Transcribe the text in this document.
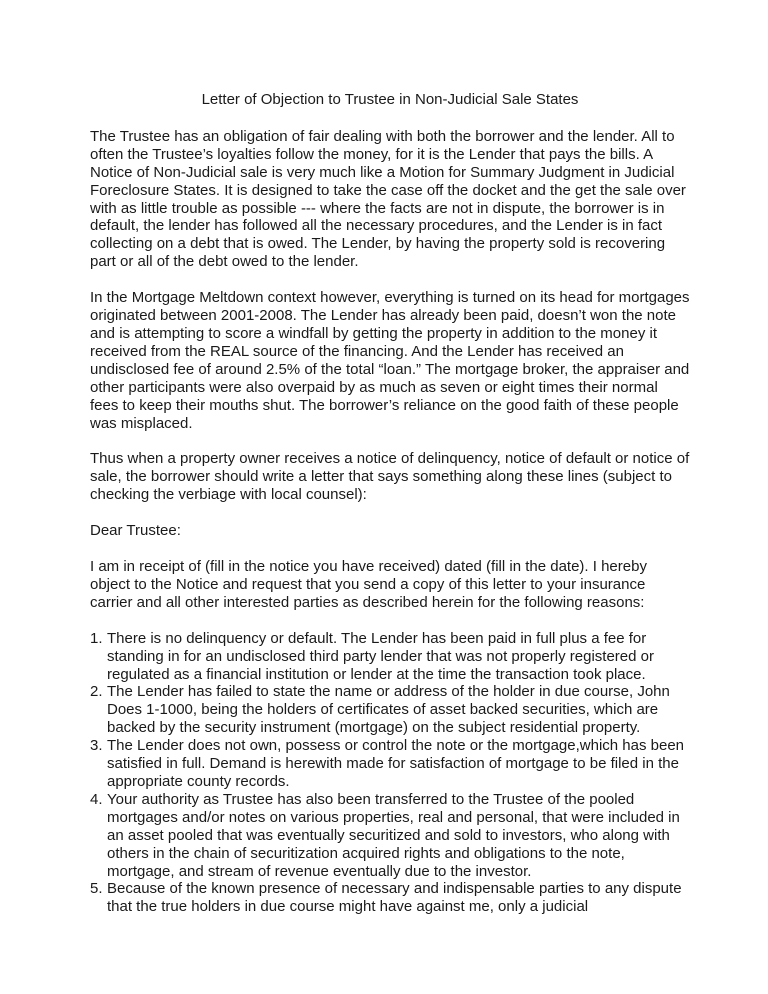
Letter of Objection to Trustee in Non-Judicial Sale States

The Trustee has an obligation of fair dealing with both the borrower and the lender. All to often the Trustee’s loyalties follow the money, for it is the Lender that pays the bills. A Notice of Non-Judicial sale is very much like a Motion for Summary Judgment in Judicial Foreclosure States. It is designed to take the case off the docket and the get the sale over with as little trouble as possible --- where the facts are not in dispute, the borrower is in default, the lender has followed all the necessary procedures, and the Lender is in fact collecting on a debt that is owed. The Lender, by having the property sold is recovering part or all of the debt owed to the lender.

In the Mortgage Meltdown context however, everything is turned on its head for mortgages originated between 2001-2008. The Lender has already been paid, doesn’t won the note and is attempting to score a windfall by getting the property in addition to the money it received from the REAL source of the financing. And the Lender has received an undisclosed fee of around 2.5% of the total “loan.” The mortgage broker, the appraiser and other participants were also overpaid by as much as seven or eight times their normal fees to keep their mouths shut. The borrower’s reliance on the good faith of these people was misplaced.

Thus when a property owner receives a notice of delinquency, notice of default or notice of sale, the borrower should write a letter that says something along these lines (subject to checking the verbiage with local counsel):

Dear Trustee:

I am in receipt of (fill in the notice you have received) dated (fill in the date). I hereby object to the Notice and request that you send a copy of this letter to your insurance carrier and all other interested parties as described herein for the following reasons:

1. There is no delinquency or default. The Lender has been paid in full plus a fee for standing in for an undisclosed third party lender that was not properly registered or regulated as a financial institution or lender at the time the transaction took place.
2. The Lender has failed to state the name or address of the holder in due course, John Does 1-1000, being the holders of certificates of asset backed securities, which are backed by the security instrument (mortgage) on the subject residential property.
3. The Lender does not own, possess or control the note or the mortgage,which has been satisfied in full. Demand is herewith made for satisfaction of mortgage to be filed in the appropriate county records.
4. Your authority as Trustee has also been transferred to the Trustee of the pooled mortgages and/or notes on various properties, real and personal, that were included in an asset pooled that was eventually securitized and sold to investors, who along with others in the chain of securitization acquired rights and obligations to the note, mortgage, and stream of revenue eventually due to the investor.
5. Because of the known presence of necessary and indispensable parties to any dispute that the true holders in due course might have against me, only a judicial
